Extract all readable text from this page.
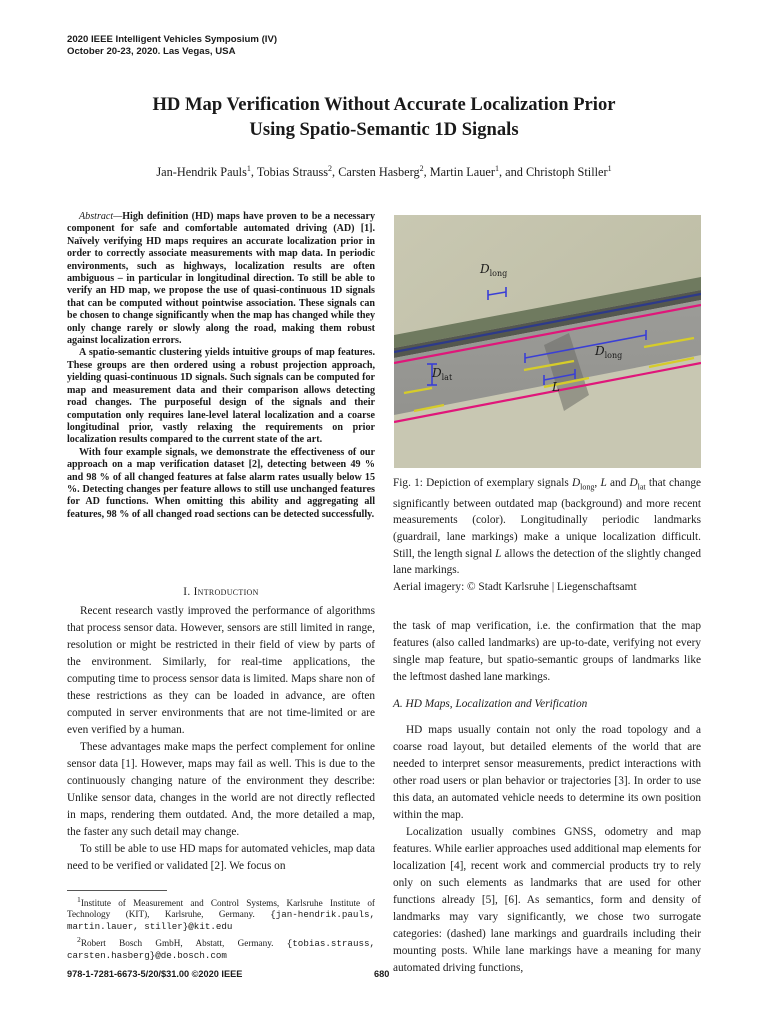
2020 IEEE Intelligent Vehicles Symposium (IV)
October 20-23, 2020. Las Vegas, USA
HD Map Verification Without Accurate Localization Prior
Using Spatio-Semantic 1D Signals
Jan-Hendrik Pauls$^1$, Tobias Strauss$^2$, Carsten Hasberg$^2$, Martin Lauer$^1$, and Christoph Stiller$^1$

Abstract—High definition (HD) maps have proven to be a necessary component for safe and comfortable automated driving (AD) [1]. Naïvely verifying HD maps requires an accurate localization prior in order to correctly associate measurements with map data. In periodic environments, such as highways, localization results are often ambiguous – in particular in longitudinal direction. To still be able to verify an HD map, we propose the use of quasi-continuous 1D signals that can be computed without pointwise association. These signals can be chosen to change significantly when the map has changed while they only change rarely or slowly along the road, making them robust against localization errors.

A spatio-semantic clustering yields intuitive groups of map features. These groups are then ordered using a robust projection approach, yielding quasi-continuous 1D signals. Such signals can be computed for map and measurement data and their comparison allows detecting road changes. The purposeful design of the signals and their computation only requires lane-level lateral localization and a coarse longitudinal prior, vastly relaxing the requirements on prior localization results compared to the current state of the art.

With four example signals, we demonstrate the effectiveness of our approach on a map verification dataset [2], detecting between 49 % and 98 % of all changed features at false alarm rates usually below 15 %. Detecting changes per feature allows to still use unchanged features for AD functions. When omitting this ability and aggregating all features, 98 % of all changed road sections can be detected successfully.

I. Introduction

Recent research vastly improved the performance of algorithms that process sensor data. However, sensors are still limited in range, resolution or might be restricted in their field of view by parts of the environment. Similarly, for real-time applications, the computing time to process sensor data is limited. Maps share non of these restrictions as they can be loaded in advance, are often computed in server environments that are not time-limited or are even verified by a human.

These advantages make maps the perfect complement for online sensor data [1]. However, maps may fail as well. This is due to the continuously changing nature of the environment they describe: Unlike sensor data, changes in the world are not directly reflected in maps, rendering them outdated. And, the more detailed a map, the faster any such detail may change.

To still be able to use HD maps for automated vehicles, map data need to be verified or validated [2]. We focus on

$^1$Institute of Measurement and Control Systems, Karlsruhe Institute of Technology (KIT), Karlsruhe, Germany. {jan-hendrik.pauls, martin.lauer, stiller}@kit.edu

$^2$Robert Bosch GmbH, Abstatt, Germany. {tobias.strauss, carsten.hasberg}@de.bosch.com

978-1-7281-6673-5/20/$31.00 ©2020 IEEE	680
$D_{long}$
$D_{long}$
$D_{lat}$
L
Fig. 1: Depiction of exemplary signals $D_{long}$, L and $D_{lat}$ that change significantly between outdated map (background) and more recent measurements (color). Longitudinally periodic landmarks (guardrail, lane markings) make a unique localization difficult. Still, the length signal L allows the detection of the slightly changed lane markings.
Aerial imagery: © Stadt Karlsruhe | Liegenschaftsamt

the task of map verification, i.e. the confirmation that the map features (also called landmarks) are up-to-date, verifying not every single map feature, but spatio-semantic groups of landmarks like the leftmost dashed lane markings.

A. HD Maps, Localization and Verification

HD maps usually contain not only the road topology and a coarse road layout, but detailed elements of the world that are needed to interpret sensor measurements, predict interactions with other road users or plan behavior or trajectories [3]. In order to use this data, an automated vehicle needs to determine its own position within the map.

Localization usually combines GNSS, odometry and map features. While earlier approaches used additional map elements for localization [4], recent work and commercial products try to rely only on such elements as landmarks that are used for other functions already [5], [6]. As semantics, form and density of landmarks may vary significantly, we chose two surrogate categories: (dashed) lane markings and guardrails including their mounting posts. While lane markings have a meaning for many automated driving functions,
